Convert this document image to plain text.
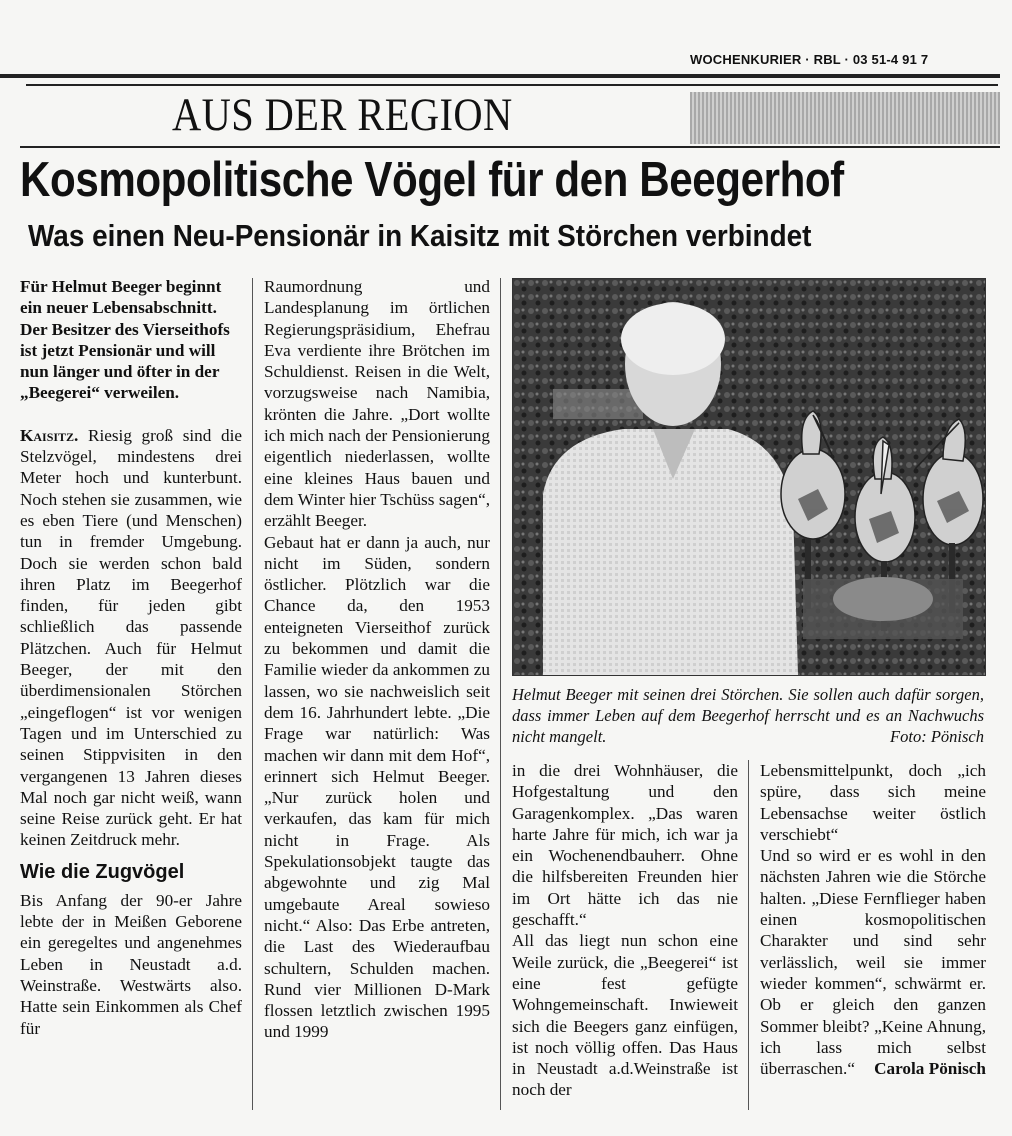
WOCHENKURIER · RBL · 03 51-4 91 7
AUS DER REGION
Kosmopolitische Vögel für den Beegerhof
Was einen Neu-Pensionär in Kaisitz mit Störchen verbindet

Für Helmut Beeger beginnt ein neuer Lebensabschnitt. Der Besitzer des Vierseithofs ist jetzt Pensionär und will nun länger und öfter in der „Beegerei“ verweilen.

Kaisitz. Riesig groß sind die Stelzvögel, mindestens drei Meter hoch und kunterbunt. Noch stehen sie zusammen, wie es eben Tiere (und Menschen) tun in fremder Umgebung. Doch sie werden schon bald ihren Platz im Beegerhof finden, für jeden gibt schließlich das passende Plätzchen. Auch für Helmut Beeger, der mit den überdimensionalen Störchen „eingeflogen“ ist vor wenigen Tagen und im Unterschied zu seinen Stippvisiten in den vergangenen 13 Jahren dieses Mal noch gar nicht weiß, wann seine Reise zurück geht. Er hat keinen Zeitdruck mehr.

Wie die Zugvögel

Bis Anfang der 90-er Jahre lebte der in Meißen Geborene ein geregeltes und angenehmes Leben in Neustadt a.d. Weinstraße. Westwärts also. Hatte sein Einkommen als Chef für

Raumordnung und Landesplanung im örtlichen Regierungspräsidium, Ehefrau Eva verdiente ihre Brötchen im Schuldienst. Reisen in die Welt, vorzugsweise nach Namibia, krönten die Jahre. „Dort wollte ich mich nach der Pensionierung eigentlich niederlassen, wollte eine kleines Haus bauen und dem Winter hier Tschüss sagen“, erzählt Beeger.

Gebaut hat er dann ja auch, nur nicht im Süden, sondern östlicher. Plötzlich war die Chance da, den 1953 enteigneten Vierseithof zurück zu bekommen und damit die Familie wieder da ankommen zu lassen, wo sie nachweislich seit dem 16. Jahrhundert lebte. „Die Frage war natürlich: Was machen wir dann mit dem Hof“, erinnert sich Helmut Beeger. „Nur zurück holen und verkaufen, das kam für mich nicht in Frage. Als Spekulationsobjekt taugte das abgewohnte und zig Mal umgebaute Areal sowieso nicht.“ Also: Das Erbe antreten, die Last des Wiederaufbau schultern, Schulden machen. Rund vier Millionen D-Mark flossen letztlich zwischen 1995 und 1999

Helmut Beeger mit seinen drei Störchen. Sie sollen auch dafür sorgen, dass immer Leben auf dem Beegerhof herrscht und es an Nachwuchs nicht mangelt.	Foto: Pönisch

in die drei Wohnhäuser, die Hofgestaltung und den Garagenkomplex. „Das waren harte Jahre für mich, ich war ja ein Wochenendbauherr. Ohne die hilfsbereiten Freunden hier im Ort hätte ich das nie geschafft.“

All das liegt nun schon eine Weile zurück, die „Beegerei“ ist eine fest gefügte Wohngemeinschaft. Inwieweit sich die Beegers ganz einfügen, ist noch völlig offen. Das Haus in Neustadt a.d.Weinstraße ist noch der

Lebensmittelpunkt, doch „ich spüre, dass sich meine Lebensachse weiter östlich verschiebt“

Und so wird er es wohl in den nächsten Jahren wie die Störche halten. „Diese Fernflieger haben einen kosmopolitischen Charakter und sind sehr verlässlich, weil sie immer wieder kommen“, schwärmt er. Ob er gleich den ganzen Sommer bleibt? „Keine Ahnung, ich lass mich selbst überraschen.“ Carola Pönisch
